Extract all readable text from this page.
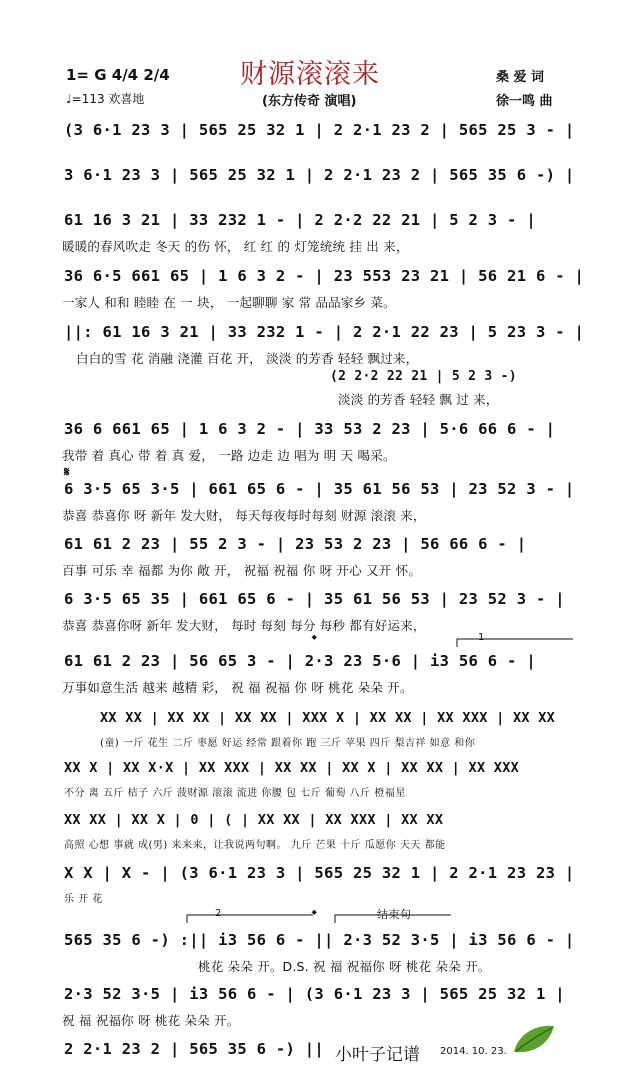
财源滚滚来
(东方传奇 演唱)
1= G 4/4 2/4
♩=113 欢喜地
桑 爱 词
徐一鸣 曲
(3 6·1 23 3 | 565 25 32 1 | 2 2·1 23 2 | 565 25 3 - |
3 6·1 23 3 | 565 25 32 1 | 2 2·1 23 2 | 565 35 6 -) |
61 16 3 21 | 33 232 1 - | 2 2·2 22 21 | 5 2 3 - |
暖暖的春风吹走 冬天 的伤 怀， 红 红 的 灯笼统统 挂 出 来，
36 6·5 661 65 | 1 6 3 2 - | 23 553 23 21 | 56 21 6 - |
一家人 和和 睦睦 在 一 块， 一起聊聊 家 常 品品家乡 菜。
||: 61 16 3 21 | 33 232 1 - | 2 2·1 22 23 | 5 23 3 - |
白白的雪 花 消融 浇灌 百花 开， 淡淡 的芳香 轻轻 飘过来，
(2 2·2 22 21 | 5 2 3 -)
淡淡 的芳香 轻轻 飘 过 来，
36 6 661 65 | 1 6 3 2 - | 33 53 2 23 | 5·6 66 6 - |
我带 着 真心 带 着 真 爱， 一路 边走 边 唱为 明 天 喝采。
𝄋
6 3·5 65 3·5 | 661 65 6 - | 35 61 56 53 | 23 52 3 - |
恭喜 恭喜你 呀 新年 发大财， 每天每夜每时每刻 财源 滚滚 来，
61 61 2 23 | 55 2 3 - | 23 53 2 23 | 56 66 6 - |
百事 可乐 幸 福都 为你 敞 开， 祝福 祝福 你 呀 开心 又开 怀。
6 3·5 65 35 | 661 65 6 - | 35 61 56 53 | 23 52 3 - |
恭喜 恭喜你呀 新年 发大财， 每时 每刻 每分 每秒 都有好运来，
𝄌	1
61 61 2 23 | 56 65 3 - | 2·3 23 5·6 | i3 56 6 - |
万事如意生活 越来 越精 彩， 祝 福 祝福 你 呀 桃花 朵朵 开。
XX XX | XX XX | XX XX | XXX X | XX XX | XX XXX | XX XX
(童) 一斤 花生 二斤 枣愿 好运 经常 跟着你 跑 三斤 苹果 四斤 梨吉祥 如意 和你
XX X | XX X·X | XX XXX | XX XX | XX X | XX XX | XX XXX
不分 离 五斤 桔子 六斤 菠财源 滚滚 流进 你腰 包 七斤 葡萄 八斤 橙福星
XX XX | XX X | 0 | ( | XX XX | XX XXX | XX XX
高照 心想 事就 成(男) 来来来，让我说两句啊。 九斤 芒果 十斤 瓜愿你 天天 都能
X X | X - | (3 6·1 23 3 | 565 25 32 1 | 2 2·1 23 23 |
乐 开 花
2	𝄌	结束句
565 35 6 -) :|| i3 56 6 - || 2·3 52 3·5 | i3 56 6 - |
桃花 朵朵 开。D.S. 祝 福 祝福你 呀 桃花 朵朵 开。
2·3 52 3·5 | i3 56 6 - | (3 6·1 23 3 | 565 25 32 1 |
祝 福 祝福你 呀 桃花 朵朵 开。
2 2·1 23 2 | 565 35 6 -) || 小叶子记谱 2014. 10. 23.
